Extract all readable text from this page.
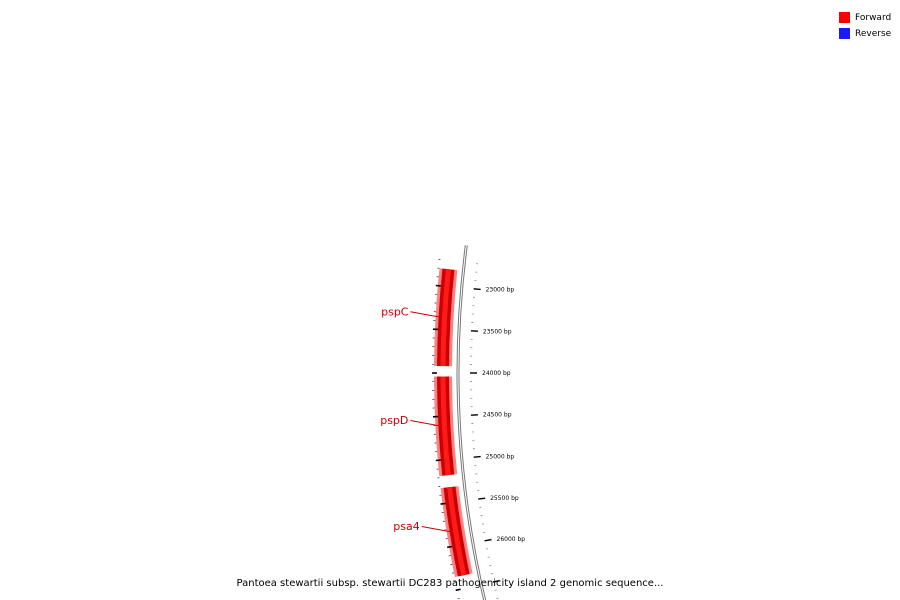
26000 bp
25500 bp
25000 bp
24500 bp
24000 bp
23500 bp
23000 bp
psa4
pspD
pspC
Forward
Reverse
Pantoea stewartii subsp. stewartii DC283 pathogenicity island 2 genomic sequence...
